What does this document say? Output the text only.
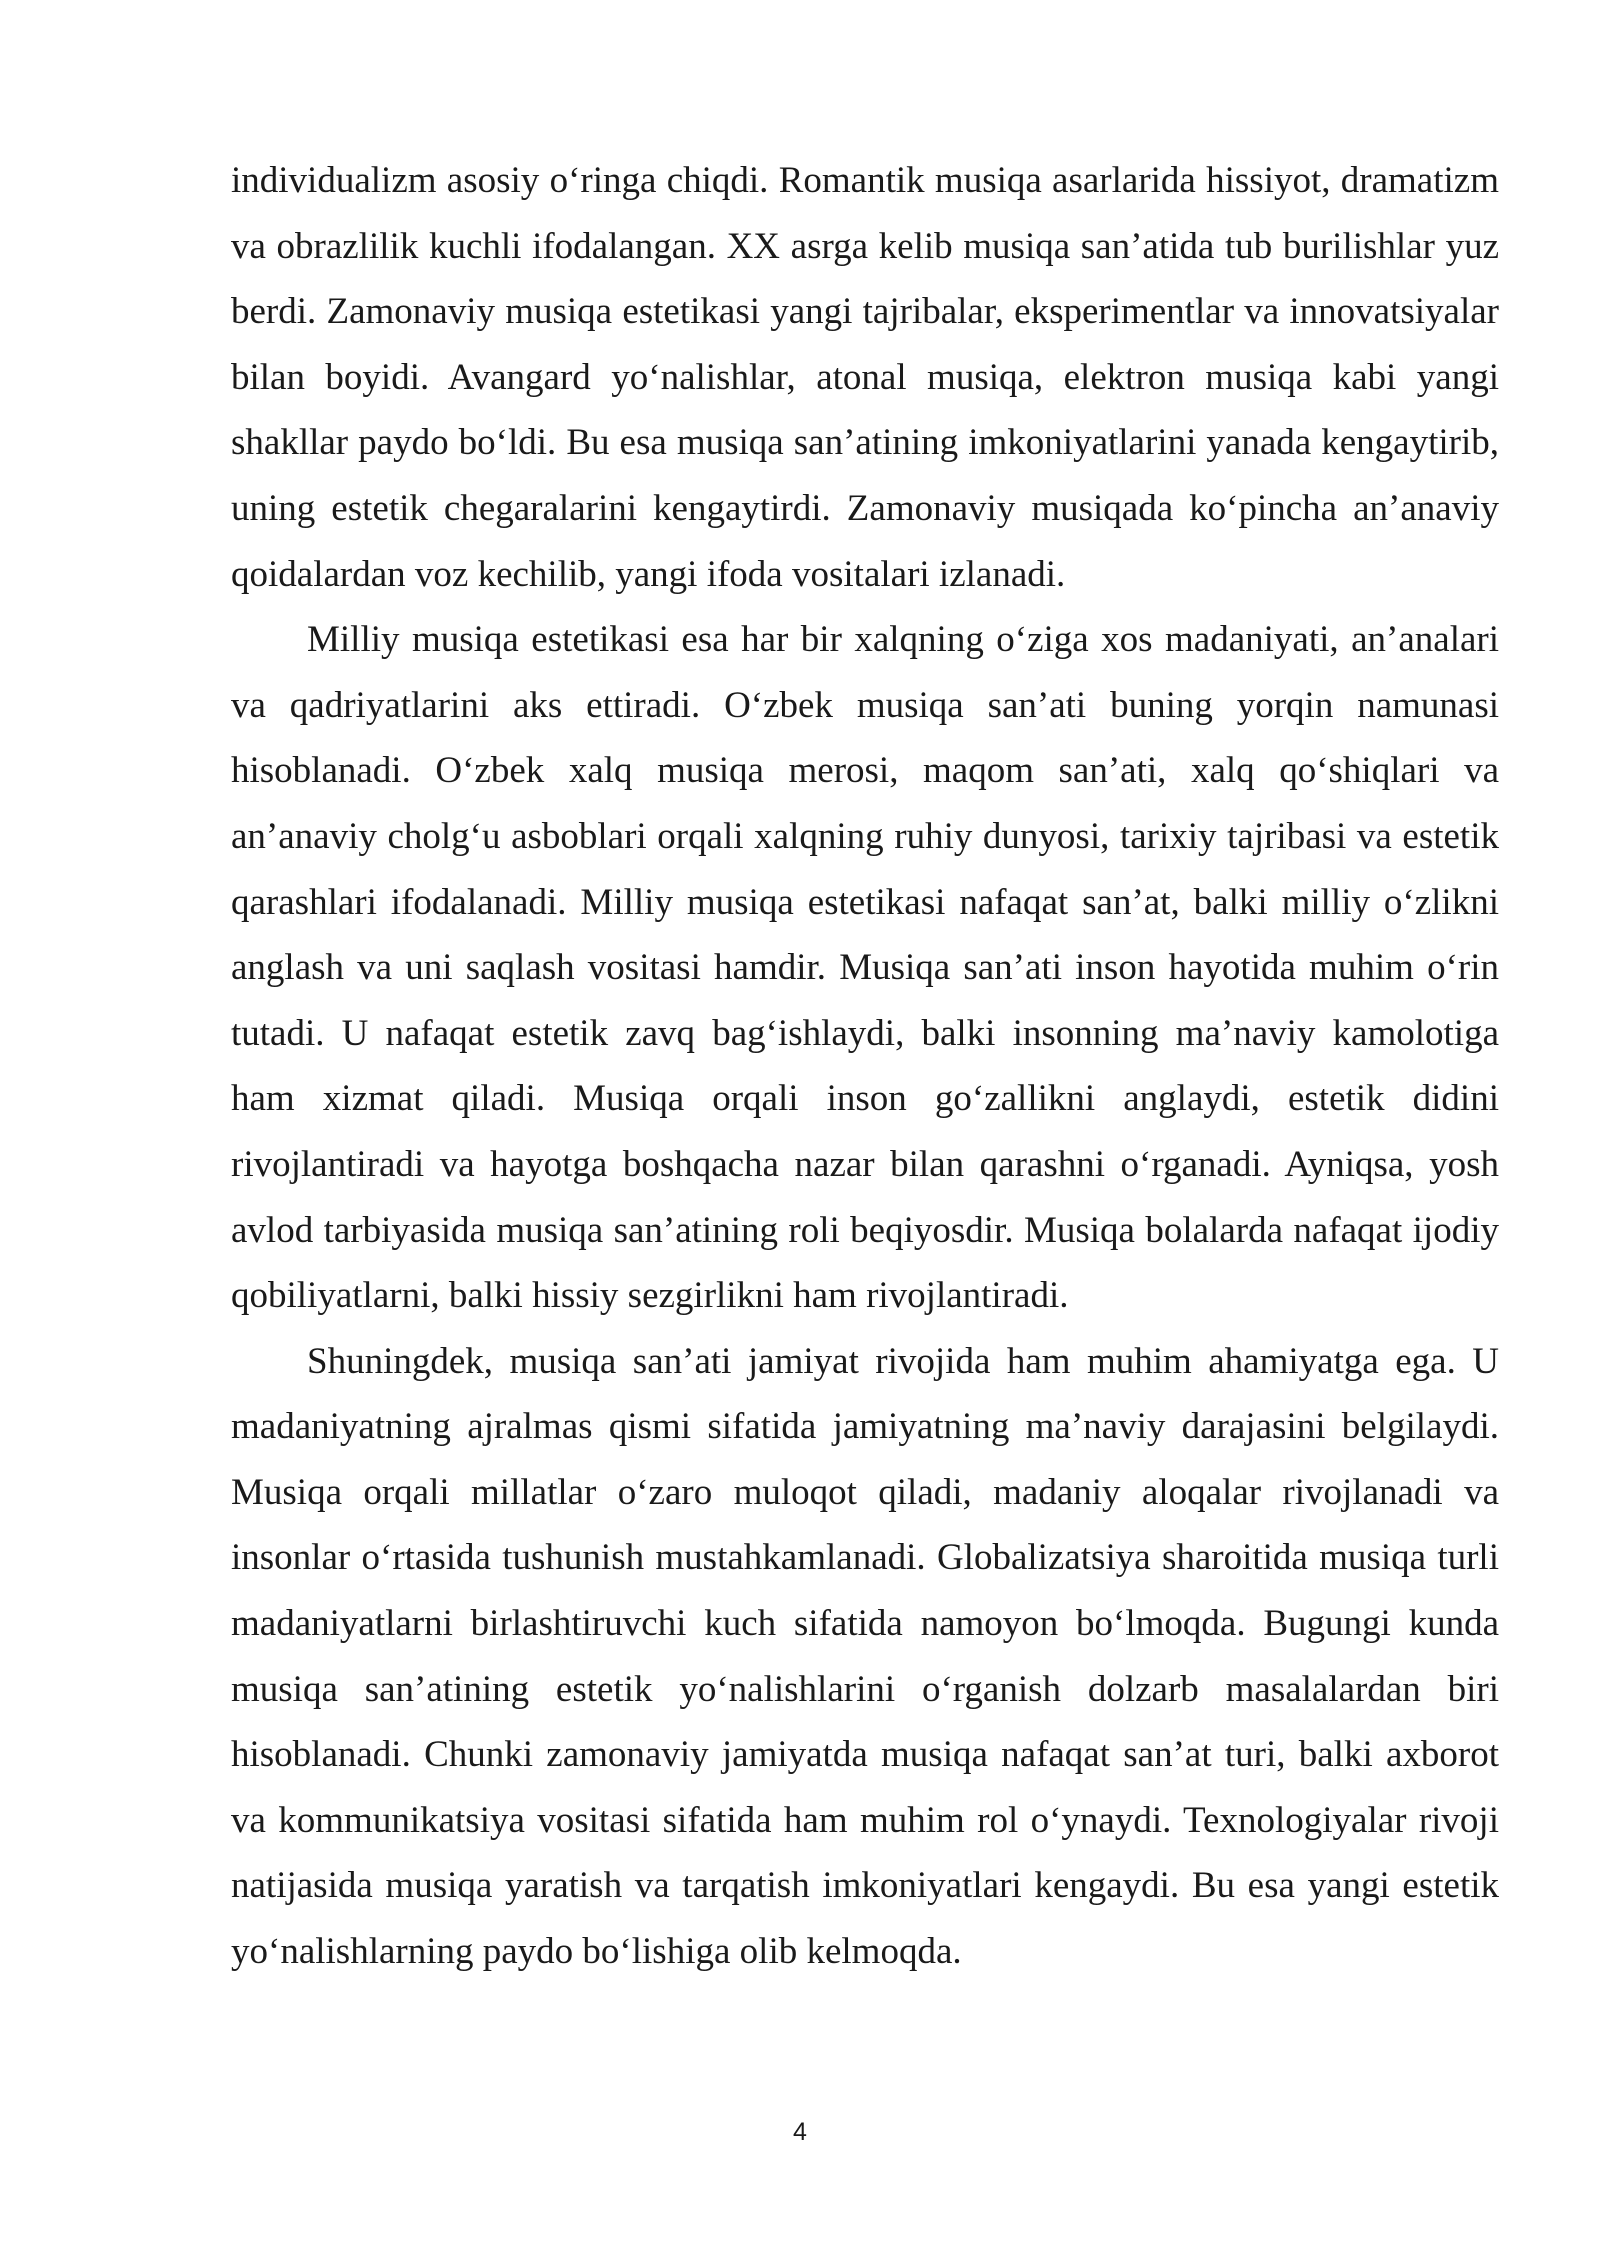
individualizm asosiy o‘ringa chiqdi. Romantik musiqa asarlarida hissiyot, dramatizm va obrazlilik kuchli ifodalangan. XX asrga kelib musiqa san’atida tub burilishlar yuz berdi. Zamonaviy musiqa estetikasi yangi tajribalar, eksperimentlar va innovatsiyalar bilan boyidi. Avangard yo‘nalishlar, atonal musiqa, elektron musiqa kabi yangi shakllar paydo bo‘ldi. Bu esa musiqa san’atining imkoniyatlarini yanada kengaytirib, uning estetik chegaralarini kengaytirdi. Zamonaviy musiqada ko‘pincha an’anaviy qoidalardan voz kechilib, yangi ifoda vositalari izlanadi.

Milliy musiqa estetikasi esa har bir xalqning o‘ziga xos madaniyati, an’analari va qadriyatlarini aks ettiradi. O‘zbek musiqa san’ati buning yorqin namunasi hisoblanadi. O‘zbek xalq musiqa merosi, maqom san’ati, xalq qo‘shiqlari va an’anaviy cholg‘u asboblari orqali xalqning ruhiy dunyosi, tarixiy tajribasi va estetik qarashlari ifodalanadi. Milliy musiqa estetikasi nafaqat san’at, balki milliy o‘zlikni anglash va uni saqlash vositasi hamdir. Musiqa san’ati inson hayotida muhim o‘rin tutadi. U nafaqat estetik zavq bag‘ishlaydi, balki insonning ma’naviy kamolotiga ham xizmat qiladi. Musiqa orqali inson go‘zallikni anglaydi, estetik didini rivojlantiradi va hayotga boshqacha nazar bilan qarashni o‘rganadi. Ayniqsa, yosh avlod tarbiyasida musiqa san’atining roli beqiyosdir. Musiqa bolalarda nafaqat ijodiy qobiliyatlarni, balki hissiy sezgirlikni ham rivojlantiradi.

Shuningdek, musiqa san’ati jamiyat rivojida ham muhim ahamiyatga ega. U madaniyatning ajralmas qismi sifatida jamiyatning ma’naviy darajasini belgilaydi. Musiqa orqali millatlar o‘zaro muloqot qiladi, madaniy aloqalar rivojlanadi va insonlar o‘rtasida tushunish mustahkamlanadi. Globalizatsiya sharoitida musiqa turli madaniyatlarni birlashtiruvchi kuch sifatida namoyon bo‘lmoqda. Bugungi kunda musiqa san’atining estetik yo‘nalishlarini o‘rganish dolzarb masalalardan biri hisoblanadi. Chunki zamonaviy jamiyatda musiqa nafaqat san’at turi, balki axborot va kommunikatsiya vositasi sifatida ham muhim rol o‘ynaydi. Texnologiyalar rivoji natijasida musiqa yaratish va tarqatish imkoniyatlari kengaydi. Bu esa yangi estetik yo‘nalishlarning paydo bo‘lishiga olib kelmoqda.

4
